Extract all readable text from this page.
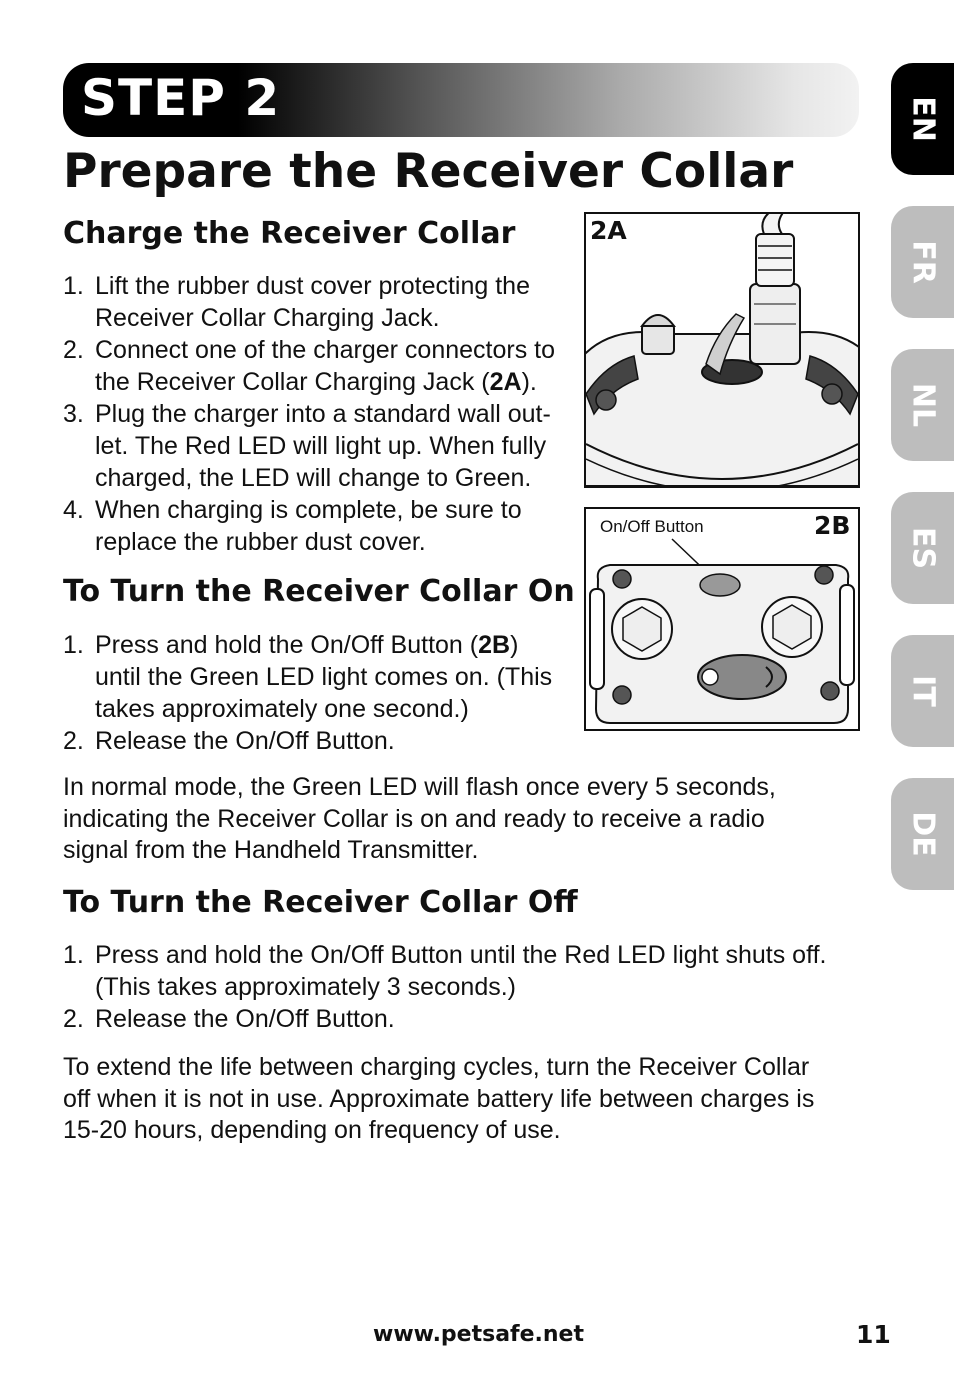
STEP 2
Prepare the Receiver Collar
Charge the Receiver Collar
1. Lift the rubber dust cover protecting the
Receiver Collar Charging Jack.
2. Connect one of the charger connectors to
the Receiver Collar Charging Jack (2A).
3. Plug the charger into a standard wall out-
let. The Red LED will light up. When fully
charged, the LED will change to Green.
4. When charging is complete, be sure to
replace the rubber dust cover.
To Turn the Receiver Collar On
1. Press and hold the On/Off Button (2B)
until the Green LED light comes on. (This
takes approximately one second.)
2. Release the On/Off Button.
In normal mode, the Green LED will flash once every 5 seconds,
indicating the Receiver Collar is on and ready to receive a radio
signal from the Handheld Transmitter.
To Turn the Receiver Collar Off
1. Press and hold the On/Off Button until the Red LED light shuts off.
(This takes approximately 3 seconds.)
2. Release the On/Off Button.
To extend the life between charging cycles, turn the Receiver Collar
off when it is not in use. Approximate battery life between charges is
15-20 hours, depending on frequency of use.
2A
On/Off Button	2B
EN
FR
NL
ES
IT
DE
www.petsafe.net	11
